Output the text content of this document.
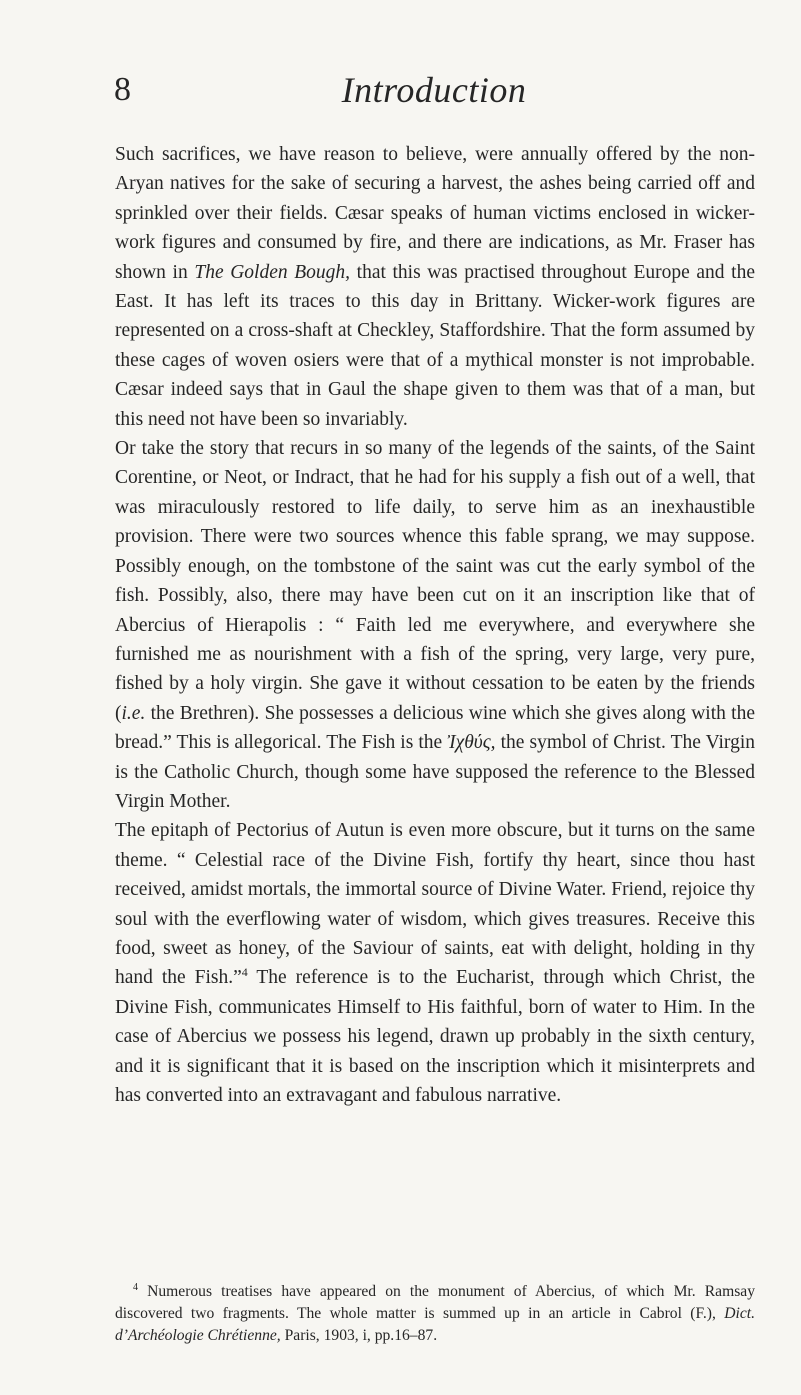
8	Introduction

Such sacrifices, we have reason to believe, were annually offered by the non-Aryan natives for the sake of securing a harvest, the ashes being carried off and sprinkled over their fields. Cæsar speaks of human victims enclosed in wicker-work figures and consumed by fire, and there are indications, as Mr. Fraser has shown in The Golden Bough, that this was practised throughout Europe and the East. It has left its traces to this day in Brittany. Wicker-work figures are represented on a cross-shaft at Checkley, Staffordshire. That the form assumed by these cages of woven osiers were that of a mythical monster is not improbable. Cæsar indeed says that in Gaul the shape given to them was that of a man, but this need not have been so invariably.

Or take the story that recurs in so many of the legends of the saints, of the Saint Corentine, or Neot, or Indract, that he had for his supply a fish out of a well, that was miraculously restored to life daily, to serve him as an inexhaustible provision. There were two sources whence this fable sprang, we may suppose. Possibly enough, on the tombstone of the saint was cut the early symbol of the fish. Possibly, also, there may have been cut on it an inscription like that of Abercius of Hierapolis : “ Faith led me everywhere, and everywhere she furnished me as nourishment with a fish of the spring, very large, very pure, fished by a holy virgin. She gave it without cessation to be eaten by the friends (i.e. the Brethren). She possesses a delicious wine which she gives along with the bread.” This is allegorical. The Fish is the Ἰχθύς, the symbol of Christ. The Virgin is the Catholic Church, though some have supposed the reference to the Blessed Virgin Mother.

The epitaph of Pectorius of Autun is even more obscure, but it turns on the same theme. “ Celestial race of the Divine Fish, fortify thy heart, since thou hast received, amidst mortals, the immortal source of Divine Water. Friend, rejoice thy soul with the everflowing water of wisdom, which gives treasures. Receive this food, sweet as honey, of the Saviour of saints, eat with delight, holding in thy hand the Fish.”$^4$ The reference is to the Eucharist, through which Christ, the Divine Fish, communicates Himself to His faithful, born of water to Him. In the case of Abercius we possess his legend, drawn up probably in the sixth century, and it is significant that it is based on the inscription which it misinterprets and has converted into an extravagant and fabulous narrative.

$^4$ Numerous treatises have appeared on the monument of Abercius, of which Mr. Ramsay discovered two fragments. The whole matter is summed up in an article in Cabrol (F.), Dict. d’Archéologie Chrétienne, Paris, 1903, i, pp.16–87.
